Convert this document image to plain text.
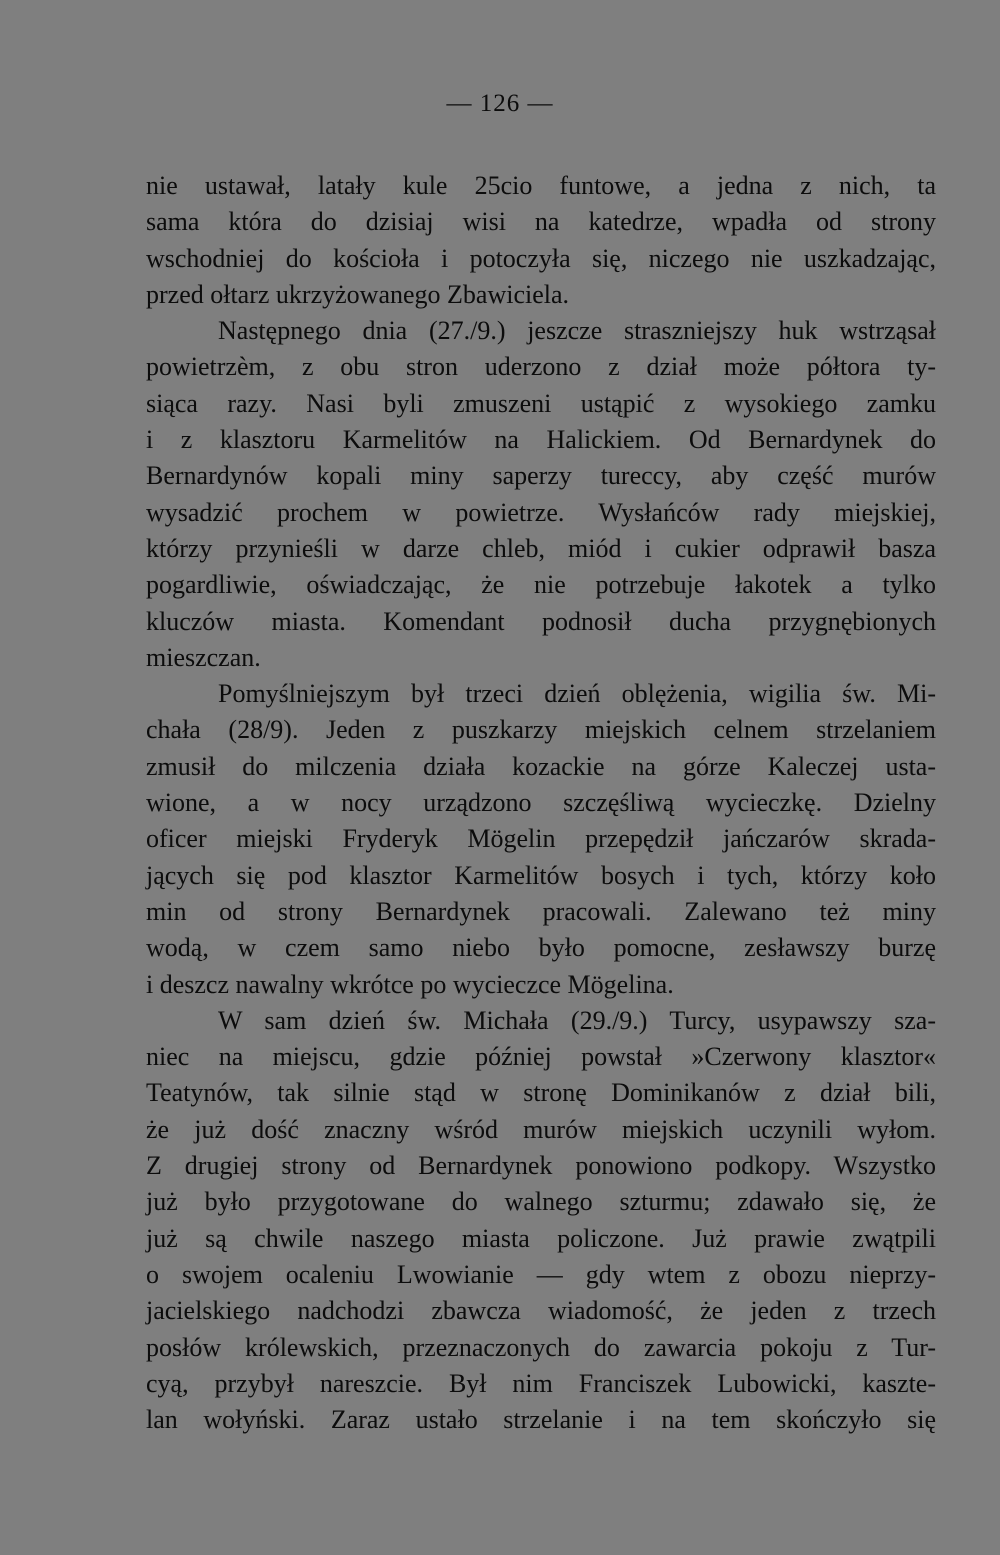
— 126 —
nie ustawał, latały kule 25cio funtowe, a jedna z nich, ta
sama która do dzisiaj wisi na katedrze, wpadła od strony
wschodniej do kościoła i potoczyła się, niczego nie uszkadzając,
przed ołtarz ukrzyżowanego Zbawiciela.
Następnego dnia (27./9.) jeszcze straszniejszy huk wstrząsał
powietrzèm, z obu stron uderzono z dział może półtora ty-
siąca razy. Nasi byli zmuszeni ustąpić z wysokiego zamku
i z klasztoru Karmelitów na Halickiem. Od Bernardynek do
Bernardynów kopali miny saperzy tureccy, aby część murów
wysadzić prochem w powietrze. Wysłańców rady miejskiej,
którzy przynieśli w darze chleb, miód i cukier odprawił basza
pogardliwie, oświadczając, że nie potrzebuje łakotek a tylko
kluczów miasta. Komendant podnosił ducha przygnębionych
mieszczan.
Pomyślniejszym był trzeci dzień oblężenia, wigilia św. Mi-
chała (28/9). Jeden z puszkarzy miejskich celnem strzelaniem
zmusił do milczenia działa kozackie na górze Kaleczej usta-
wione, a w nocy urządzono szczęśliwą wycieczkę. Dzielny
oficer miejski Fryderyk Mögelin przepędził jańczarów skrada-
jących się pod klasztor Karmelitów bosych i tych, którzy koło
min od strony Bernardynek pracowali. Zalewano też miny
wodą, w czem samo niebo było pomocne, zesławszy burzę
i deszcz nawalny wkrótce po wycieczce Mögelina.
W sam dzień św. Michała (29./9.) Turcy, usypawszy sza-
niec na miejscu, gdzie później powstał »Czerwony klasztor«
Teatynów, tak silnie stąd w stronę Dominikanów z dział bili,
że już dość znaczny wśród murów miejskich uczynili wyłom.
Z drugiej strony od Bernardynek ponowiono podkopy. Wszystko
już było przygotowane do walnego szturmu; zdawało się, że
już są chwile naszego miasta policzone. Już prawie zwątpili
o swojem ocaleniu Lwowianie — gdy wtem z obozu nieprzy-
jacielskiego nadchodzi zbawcza wiadomość, że jeden z trzech
posłów królewskich, przeznaczonych do zawarcia pokoju z Tur-
cyą, przybył nareszcie. Był nim Franciszek Lubowicki, kaszte-
lan wołyński. Zaraz ustało strzelanie i na tem skończyło się
